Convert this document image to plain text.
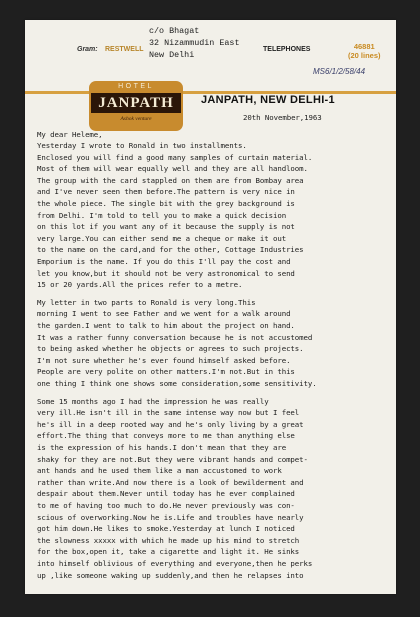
c/o Bhagat
32 Nizammudin East
New Delhi
Gram: RESTWELL	TELEPHONES	46881
(20 lines)
MS6/1/2/58/44
HOTEL
JANPATH
Ashok venture
JANPATH, NEW DELHI-1
20th November,1963
My dear Heleme,
Yesterday I wrote to Ronald in two installments.
Enclosed you will find a good many samples of curtain material.
Most of them will wear equally well and they are all handloom.
The group with the card stappled on them are from Bombay area
and I've never seen them before.The pattern is very nice in
the whole piece. The single bit with the grey background is
from Delhi. I'm told to tell you to make a quick decision
on this lot if you want any of it because the supply is not
very large.You can either send me a cheque or make it out
to the name on the card,and for the other, Cottage Industries
Emporium is the name. If you do this I'll pay the cost and
let you know,but it should not be very astronomical to send
15 or 20 yards.All the prices refer to a metre.
My letter in two parts to Ronald is very long.This
morning I went to see Father and we went for a walk around
the garden.I went to talk to him about the project on hand.
It was a rather funny conversation because he is not accustomed
to being asked whether he objects or agrees to such projects.
I'm not sure whether he's ever found himself asked before.
People are very polite on other matters.I'm not.But in this
one thing I think one shows some consideration,some sensitivity.
Some 15 months ago I had the impression he was really
very ill.He isn't ill in the same intense way now but I feel
he's ill in a deep rooted way and he's only living by a great
effort.The thing that conveys more to me than anything else
is the expression of his hands.I don't mean that they are
shaky for they are not.But they were vibrant hands and compet-
ant hands and he used them like a man accustomed to work
rather than write.And now there is a look of bewilderment and
despair about them.Never until today has he ever complained
to me of having too much to do.He never previously was con-
scious of overworking.Now he is.Life and troubles have nearly
got him down.He likes to smoke.Yesterday at lunch I noticed
the slowness xxxxx with which he made up his mind to stretch
for the box,open it, take a cigarette and light it. He sinks
into himself oblivious of everything and everyone,then he perks
up ,like someone waking up suddenly,and then he relapses into
